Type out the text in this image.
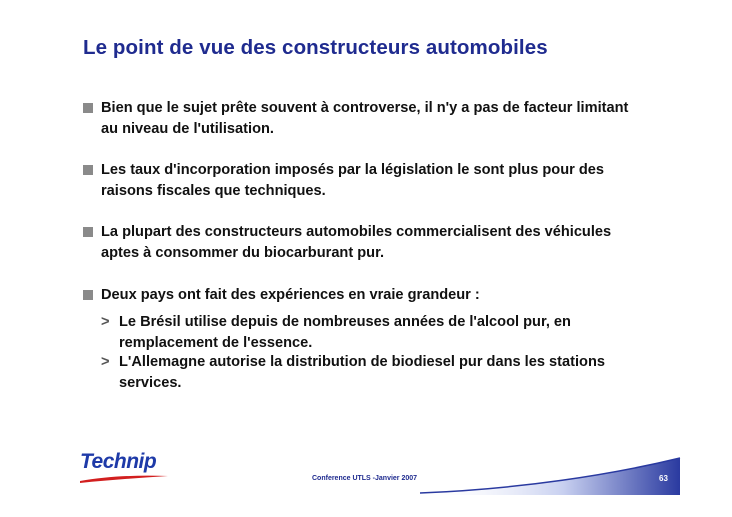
Le point de vue des constructeurs automobiles
Bien que le sujet prête souvent à controverse, il n'y a pas de facteur limitant
au niveau de l'utilisation.
Les taux d'incorporation imposés par la législation le sont plus pour des
raisons fiscales que techniques.
La plupart des constructeurs automobiles commercialisent des véhicules
aptes à consommer du biocarburant pur.
Deux pays ont fait des expériences en vraie grandeur :
> Le Brésil utilise depuis de nombreuses années de l'alcool pur, en
remplacement de l'essence.
> L'Allemagne autorise la distribution de biodiesel pur dans les stations
services.
Technip
Conference UTLS -Janvier 2007	63
